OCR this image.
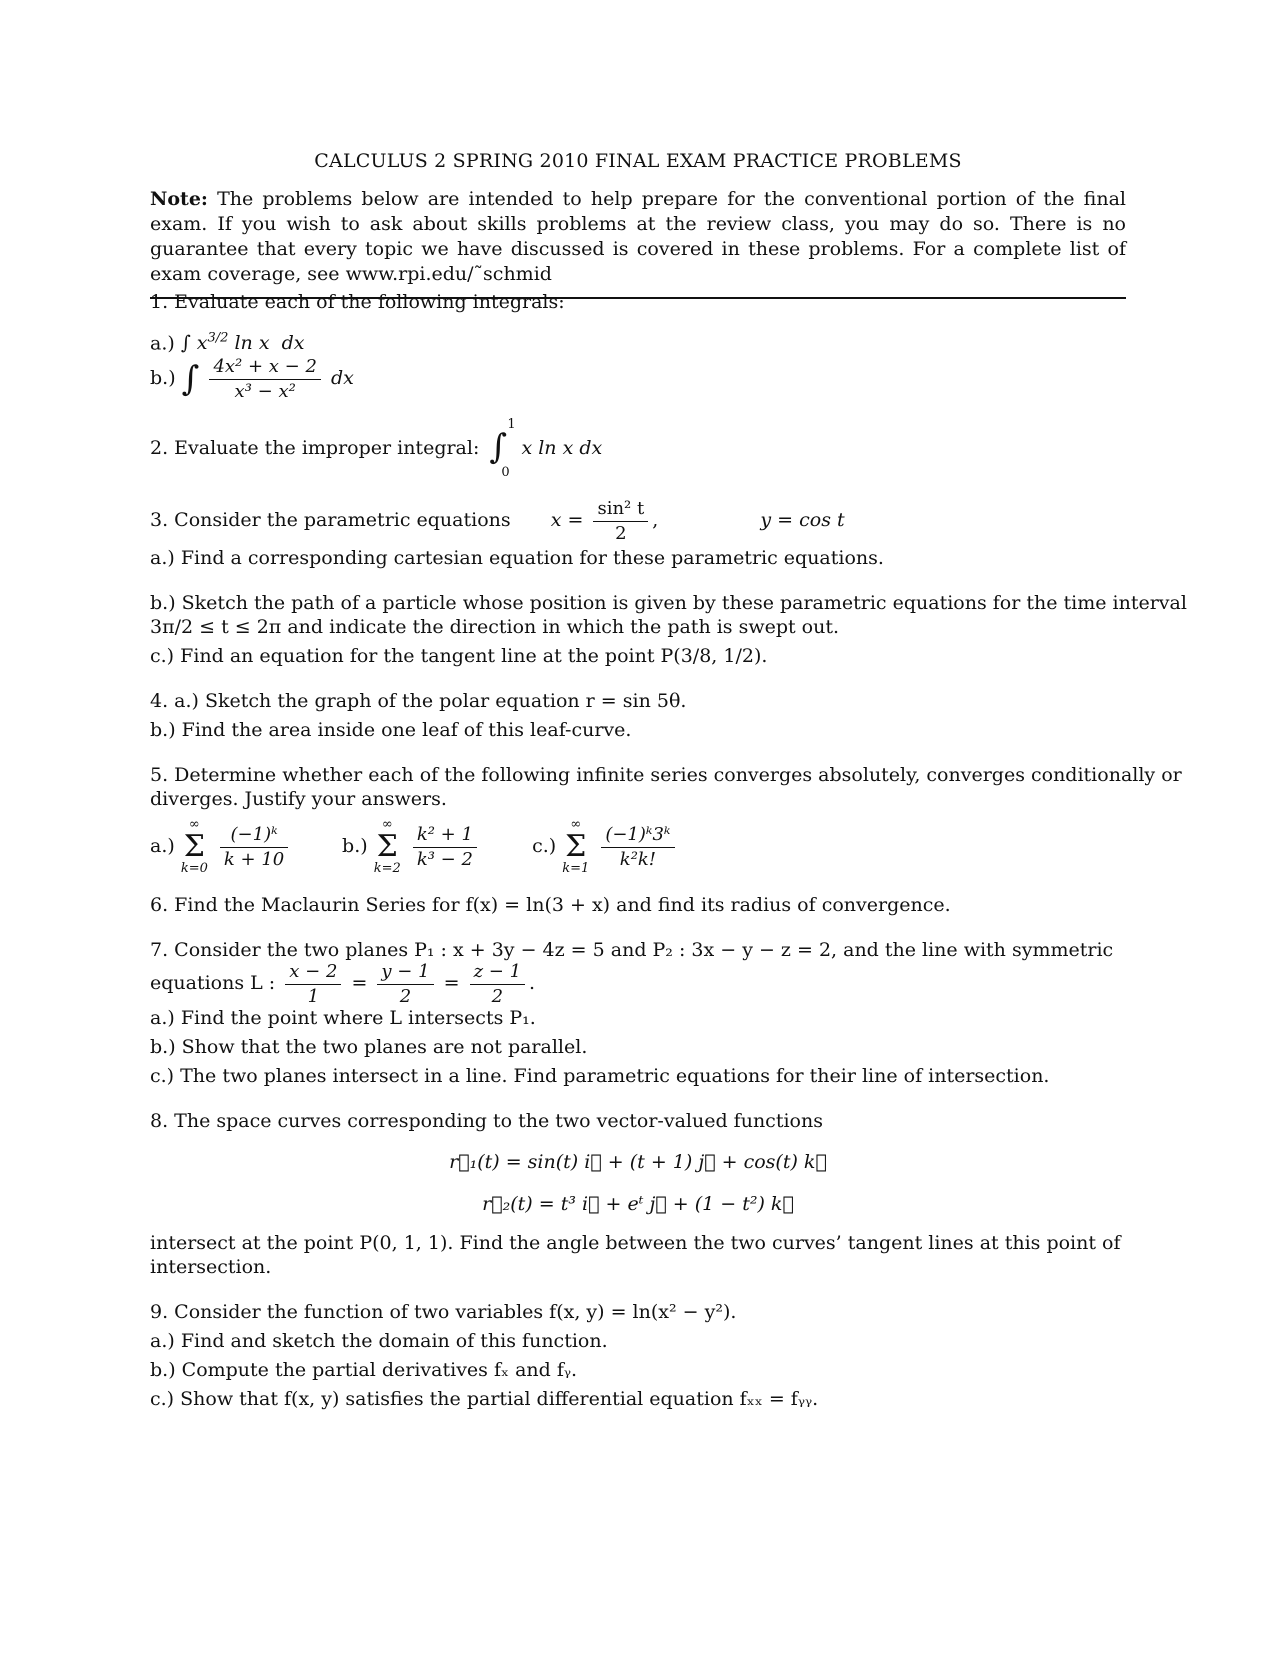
CALCULUS 2 SPRING 2010 FINAL EXAM PRACTICE PROBLEMS
Note: The problems below are intended to help prepare for the conventional portion of the final exam. If you wish to ask about skills problems at the review class, you may do so. There is no guarantee that every topic we have discussed is covered in these problems. For a complete list of exam coverage, see www.rpi.edu/˜schmid
1. Evaluate each of the following integrals:
a.) ∫ $x^{3/2}$ ln x  dx
b.) ∫ $\frac{\text{4x² + x − 2}}{\text{x³ − x²}}$ dx
2. Evaluate the improper integral: ∫
1
0
x ln x dx
3. Consider the parametric equations $x = \frac{\text{sin² t}}{2}$ ,	y = cos t
a.) Find a corresponding cartesian equation for these parametric equations.
b.) Sketch the path of a particle whose position is given by these parametric equations for the time interval
3π/2 ≤ t ≤ 2π and indicate the direction in which the path is swept out.
c.) Find an equation for the tangent line at the point P(3/8, 1/2).
4. a.) Sketch the graph of the polar equation r = sin 5θ.
b.) Find the area inside one leaf of this leaf-curve.
5. Determine whether each of the following infinite series converges absolutely, converges conditionally or
diverges. Justify your answers.
a.)
∞
Σ
k=0
$\frac{\text{(−1)ᵏ}}{k + 10}$	b.)
∞
Σ
k=2
$\frac{\text{k² + 1}}{\text{k³ − 2}}$	c.)
∞
Σ
k=1
$\frac{\text{(−1)ᵏ3ᵏ}}{\text{k²k!}}$
6. Find the Maclaurin Series for f(x) = ln(3 + x) and find its radius of convergence.
7. Consider the two planes P₁ : x + 3y − 4z = 5 and P₂ : 3x − y − z = 2, and the line with symmetric
equations L : $\frac{x - 2}{1} = \frac{y - 1}{2} = \frac{z - 1}{2}$ .
a.) Find the point where L intersects P₁.
b.) Show that the two planes are not parallel.
c.) The two planes intersect in a line. Find parametric equations for their line of intersection.
8. The space curves corresponding to the two vector-valued functions
r⃗₁(t) = sin(t) i⃗ + (t + 1) j⃗ + cos(t) k⃗
r⃗₂(t) = t³ i⃗ + eᵗ j⃗ + (1 − t²) k⃗
intersect at the point P(0, 1, 1). Find the angle between the two curves’ tangent lines at this point of
intersection.
9. Consider the function of two variables f(x, y) = ln(x² − y²).
a.) Find and sketch the domain of this function.
b.) Compute the partial derivatives fₓ and fᵧ.
c.) Show that f(x, y) satisfies the partial differential equation fₓₓ = fᵧᵧ.
